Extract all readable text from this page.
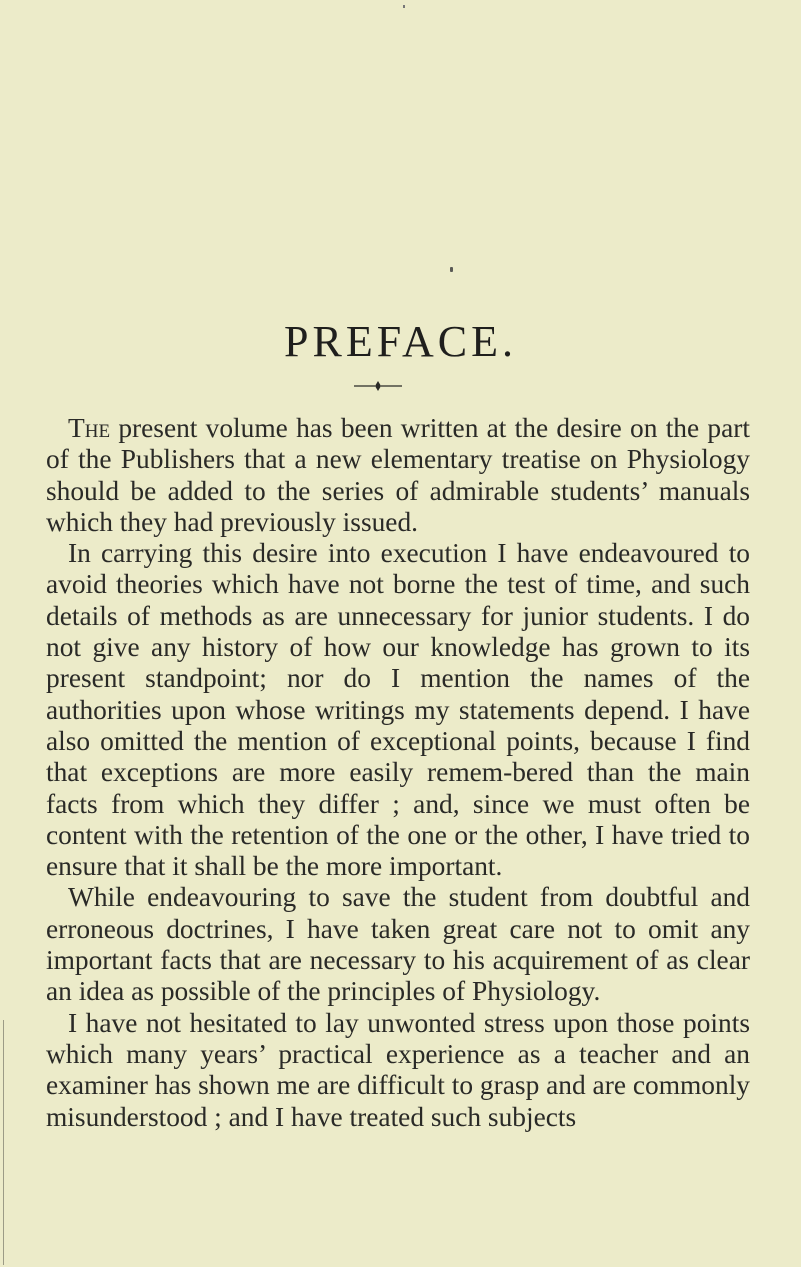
PREFACE.

The present volume has been written at the desire on the part of the Publishers that a new elementary treatise on Physiology should be added to the series of admirable students’ manuals which they had previously issued.

In carrying this desire into execution I have endeavoured to avoid theories which have not borne the test of time, and such details of methods as are unnecessary for junior students. I do not give any history of how our knowledge has grown to its present standpoint; nor do I mention the names of the authorities upon whose writings my statements depend. I have also omitted the mention of exceptional points, because I find that exceptions are more easily remem-bered than the main facts from which they differ ; and, since we must often be content with the retention of the one or the other, I have tried to ensure that it shall be the more important.

While endeavouring to save the student from doubtful and erroneous doctrines, I have taken great care not to omit any important facts that are necessary to his acquirement of as clear an idea as possible of the principles of Physiology.

I have not hesitated to lay unwonted stress upon those points which many years’ practical experience as a teacher and an examiner has shown me are difficult to grasp and are commonly misunderstood ; and I have treated such subjects
